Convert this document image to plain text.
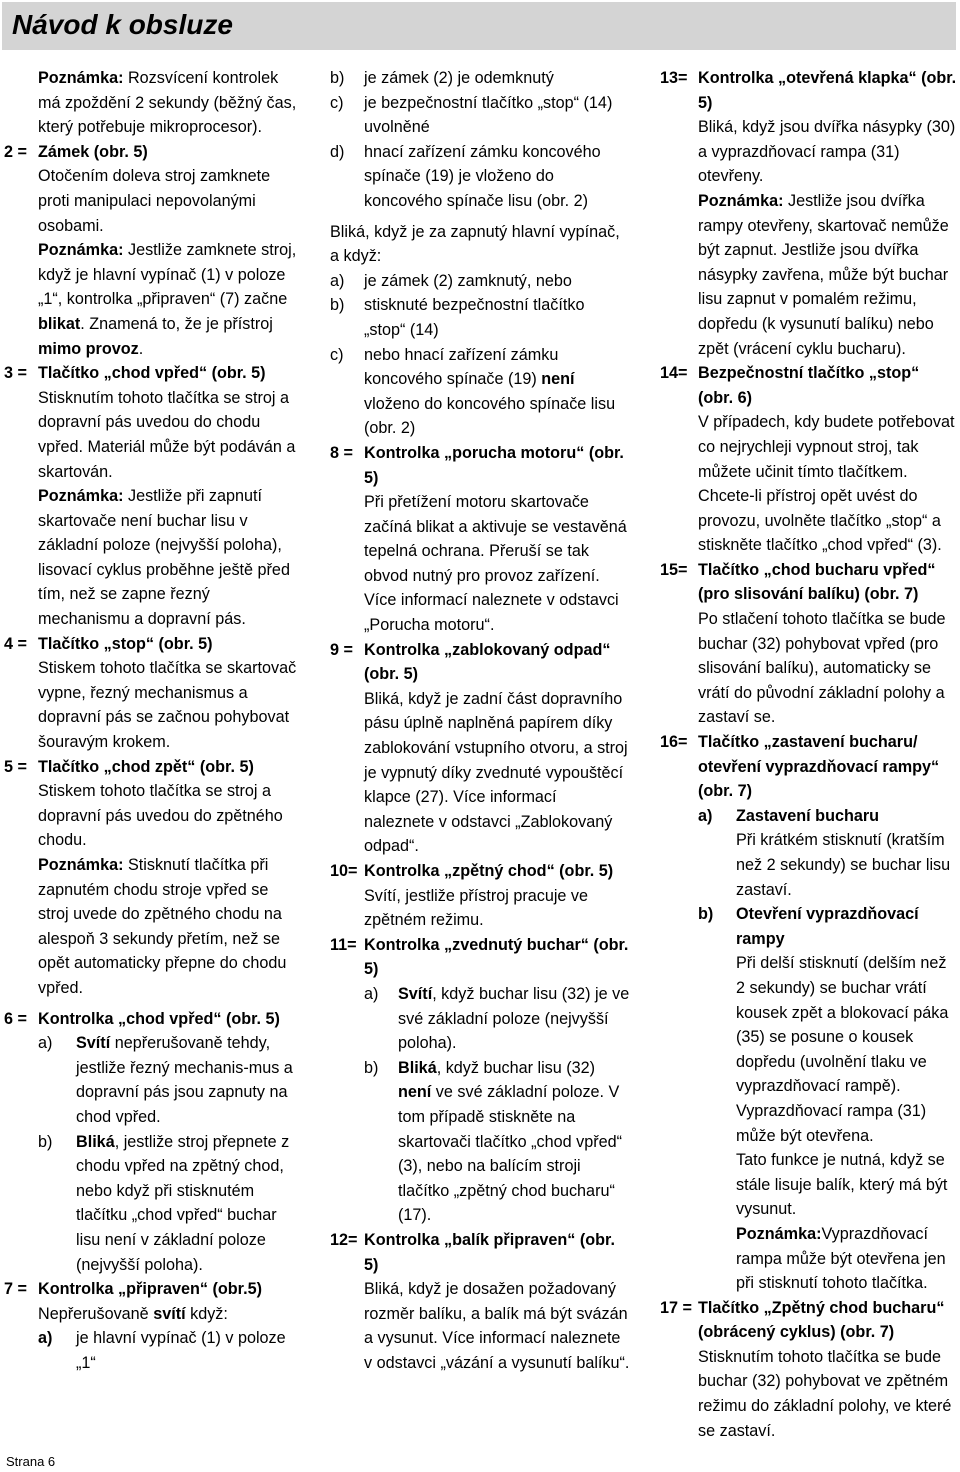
Návod k obsluze
Poznámka: Rozsvícení kontrolek má zpoždění 2 sekundy (běžný čas, který potřebuje mikroprocesor).
2 = Zámek (obr. 5)
Otočením doleva stroj zamknete proti manipulaci nepovolanými osobami.
Poznámka: Jestliže zamknete stroj, když je hlavní vypínač (1) v poloze „1“, kontrolka „připraven“ (7) začne blikat. Znamená to, že je přístroj mimo provoz.
3 = Tlačítko „chod vpřed“ (obr. 5)
Stisknutím tohoto tlačítka se stroj a dopravní pás uvedou do chodu vpřed. Materiál může být podáván a skartován.
Poznámka: Jestliže při zapnutí skartovače není buchar lisu v základní poloze (nejvyšší poloha), lisovací cyklus proběhne ještě před tím, než se zapne řezný mechanismu a dopravní pás.
4 = Tlačítko „stop“ (obr. 5)
Stiskem tohoto tlačítka se skartovač vypne, řezný mechanismus a dopravní pás se začnou pohybovat šouravým krokem.
5 = Tlačítko „chod zpět“ (obr. 5)
Stiskem tohoto tlačítka se stroj a dopravní pás uvedou do zpětného chodu.
Poznámka: Stisknutí tlačítka při zapnutém chodu stroje vpřed se stroj uvede do zpětného chodu na alespoň 3 sekundy přetím, než se opět automaticky přepne do chodu vpřed.
6 = Kontrolka „chod vpřed“ (obr. 5)
a) Svítí nepřerušovaně tehdy, jestliže řezný mechanis-mus a dopravní pás jsou zapnuty na chod vpřed.
b) Bliká, jestliže stroj přepnete z chodu vpřed na zpětný chod, nebo když při stisknutém tlačítku „chod vpřed“ buchar lisu není v základní poloze (nejvyšší poloha).
7 = Kontrolka „připraven“ (obr.5)
Nepřerušovaně svítí když:
a) je hlavní vypínač (1) v poloze „1“
b) je zámek (2) je odemknutý
c) je bezpečnostní tlačítko „stop“ (14) uvolněné
d) hnací zařízení zámku koncového spínače (19) je vloženo do koncového spínače lisu (obr. 2)
Bliká, když je za zapnutý hlavní vypínač, a když:
a) je zámek (2) zamknutý, nebo
b) stisknuté bezpečnostní tlačítko „stop“ (14)
c) nebo hnací zařízení zámku koncového spínače (19) není vloženo do koncového spínače lisu (obr. 2)
8 = Kontrolka „porucha motoru“ (obr. 5)
Při přetížení motoru skartovače začíná blikat a aktivuje se vestavěná tepelná ochrana. Přeruší se tak obvod nutný pro provoz zařízení. Více informací naleznete v odstavci „Porucha motoru“.
9 = Kontrolka „zablokovaný odpad“ (obr. 5)
Bliká, když je zadní část dopravního pásu úplně naplněná papírem díky zablokování vstupního otvoru, a stroj je vypnutý díky zvednuté vypouštěcí klapce (27). Více informací naleznete v odstavci „Zablokovaný odpad“.
10= Kontrolka „zpětný chod“ (obr. 5)
Svítí, jestliže přístroj pracuje ve zpětném režimu.
11= Kontrolka „zvednutý buchar“ (obr. 5)
a) Svítí, když buchar lisu (32) je ve své základní poloze (nejvyšší poloha).
b) Bliká, když buchar lisu (32) není ve své základní poloze. V tom případě stiskněte na skartovači tlačítko „chod vpřed“ (3), nebo na balícím stroji tlačítko „zpětný chod bucharu“ (17).
12= Kontrolka „balík připraven“ (obr. 5)
Bliká, když je dosažen požadovaný rozměr balíku, a balík má být svázán a vysunut. Více informací naleznete v odstavci „vázání a vysunutí balíku“.
13= Kontrolka „otevřená klapka“ (obr. 5)
Bliká, když jsou dvířka násypky (30) a vyprazdňovací rampa (31) otevřeny.
Poznámka: Jestliže jsou dvířka rampy otevřeny, skartovač nemůže být zapnut. Jestliže jsou dvířka násypky zavřena, může být buchar lisu zapnut v pomalém režimu, dopředu (k vysunutí balíku) nebo zpět (vrácení cyklu bucharu).
14= Bezpečnostní tlačítko „stop“ (obr. 6)
V případech, kdy budete potřebovat co nejrychleji vypnout stroj, tak můžete učinit tímto tlačítkem. Chcete-li přístroj opět uvést do provozu, uvolněte tlačítko „stop“ a stiskněte tlačítko „chod vpřed“ (3).
15= Tlačítko „chod bucharu vpřed“ (pro slisování balíku) (obr. 7)
Po stlačení tohoto tlačítka se bude buchar (32) pohybovat vpřed (pro slisování balíku), automaticky se vrátí do původní základní polohy a zastaví se.
16= Tlačítko „zastavení bucharu/ otevření vyprazdňovací rampy“ (obr. 7)
a) Zastavení bucharu
Při krátkém stisknutí (kratším než 2 sekundy) se buchar lisu zastaví.
b) Otevření vyprazdňovací rampy
Při delší stisknutí (delším než 2 sekundy) se buchar vrátí kousek zpět a blokovací páka (35) se posune o kousek dopředu (uvolnění tlaku ve vyprazdňovací rampě). Vyprazdňovací rampa (31) může být otevřena.
Tato funkce je nutná, když se stále lisuje balík, který má být vysunut.
Poznámka:Vyprazdňovací rampa může být otevřena jen při stisknutí tohoto tlačítka.
17 = Tlačítko „Zpětný chod bucharu“ (obrácený cyklus) (obr. 7)
Stisknutím tohoto tlačítka se bude buchar (32) pohybovat ve zpětném režimu do základní polohy, ve které se zastaví.
Strana 6
